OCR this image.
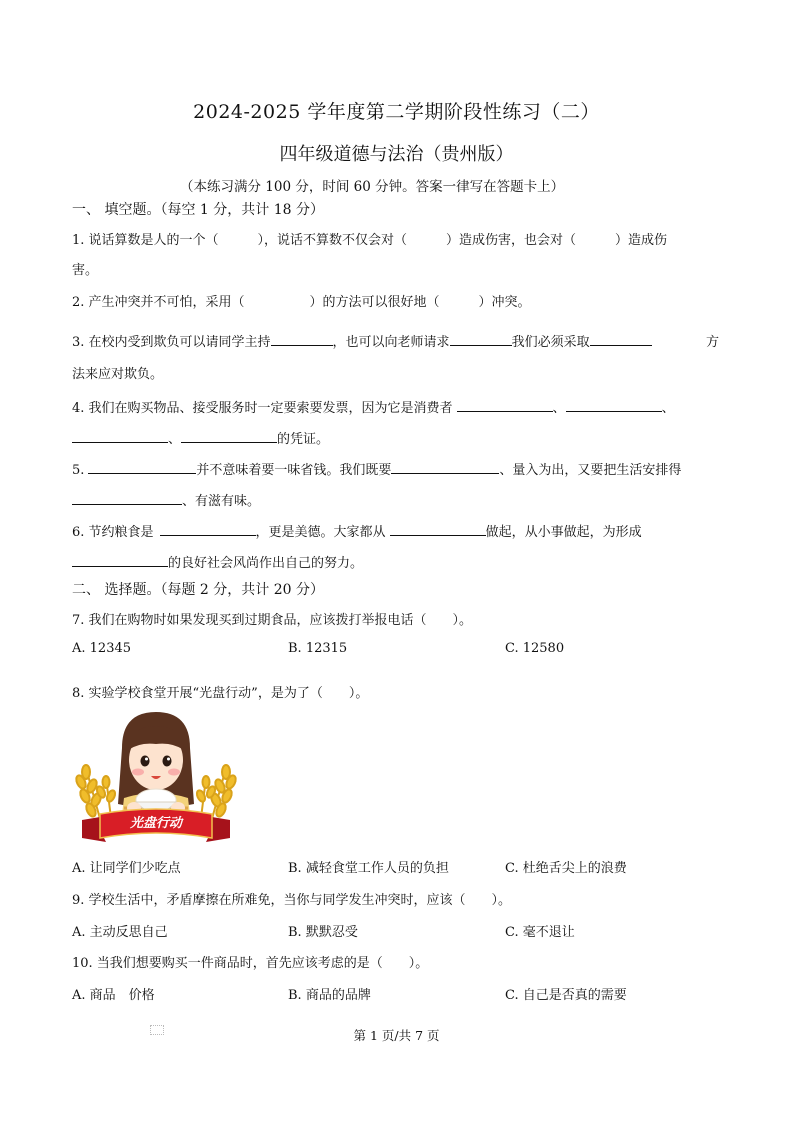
2024-2025 学年度第二学期阶段性练习（二）
四年级道德与法治（贵州版）
（本练习满分 100 分，时间 60 分钟。答案一律写在答题卡上）
一、 填空题。（每空 1 分，共计 18 分）
1. 说话算数是人的一个（　　　），说话不算数不仅会对（　　　）造成伤害，也会对（　　　）造成伤
害。
2. 产生冲突并不可怕，采用（　　　　　）的方法可以很好地（　　　）冲突。
3. 在校内受到欺负可以请同学主持	，也可以向老师请求	我们必须采取	方
法来应对欺负。
4. 我们在购买物品、接受服务时一定要索要发票，因为它是消费者	、	、
、	的凭证。
5.	并不意味着要一味省钱。我们既要	、量入为出，又要把生活安排得
、有滋有味。
6. 节约粮食是	，更是美德。大家都从	做起，从小事做起，为形成
的良好社会风尚作出自己的努力。
二、 选择题。（每题 2 分，共计 20 分）
7. 我们在购物时如果发现买到过期食品，应该拨打举报电话（　　）。
A. 12345	B. 12315	C. 12580
8. 实验学校食堂开展“光盘行动”，是为了（　　）。
光盘行动
A. 让同学们少吃点	B. 减轻食堂工作人员的负担	C. 杜绝舌尖上的浪费
9. 学校生活中，矛盾摩擦在所难免，当你与同学发生冲突时，应该（　　）。
A. 主动反思自己	B. 默默忍受	C. 毫不退让
10. 当我们想要购买一件商品时，首先应该考虑的是（　　）。
A. 商品　价格	B. 商品的品牌	C. 自己是否真的需要
第 1 页/共 7 页
